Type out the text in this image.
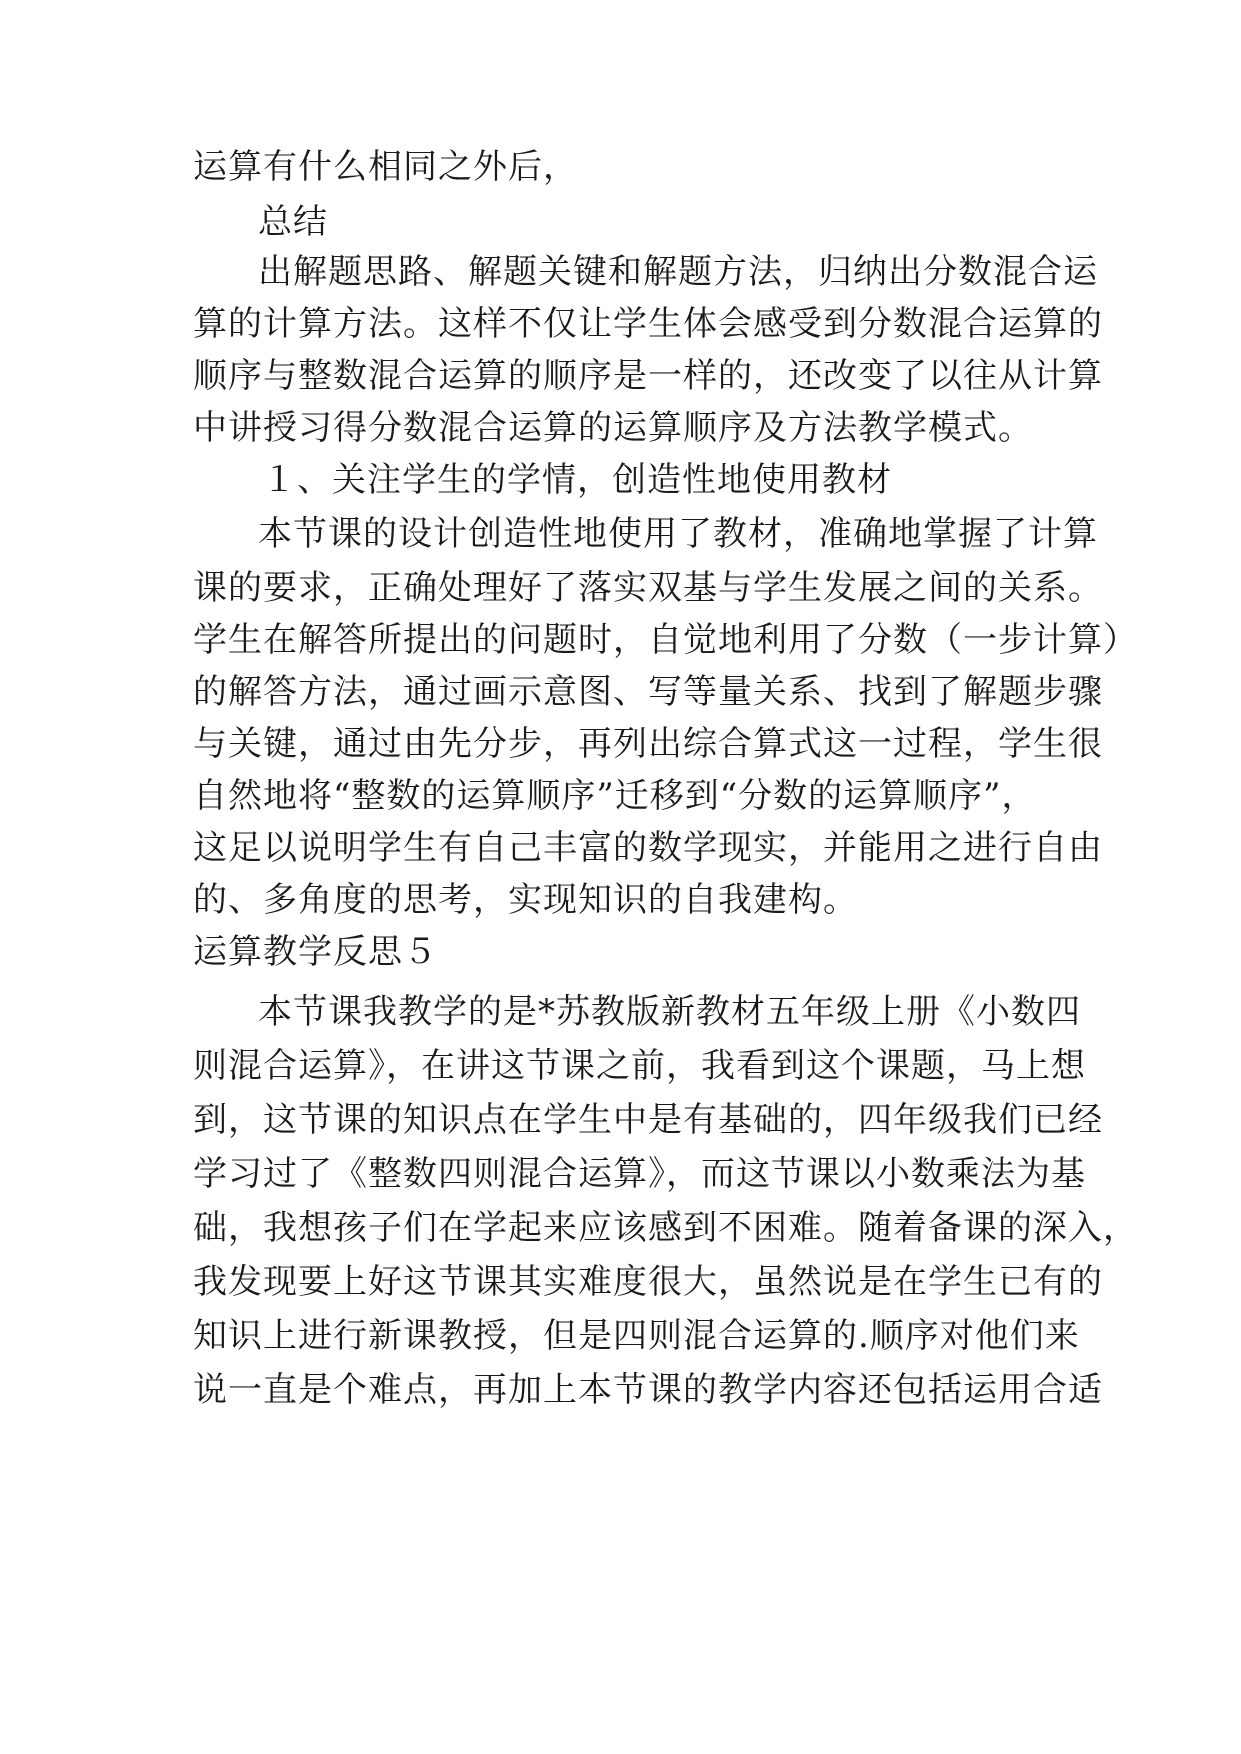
运算有什么相同之外后，

总结

出解题思路、解题关键和解题方法，归纳出分数混合运

算的计算方法。这样不仅让学生体会感受到分数混合运算的

顺序与整数混合运算的顺序是一样的，还改变了以往从计算

中讲授习得分数混合运算的运算顺序及方法教学模式。

１、关注学生的学情，创造性地使用教材

本节课的设计创造性地使用了教材，准确地掌握了计算

课的要求，正确处理好了落实双基与学生发展之间的关系。

学生在解答所提出的问题时，自觉地利用了分数（一步计算）

的解答方法，通过画示意图、写等量关系、找到了解题步骤

与关键，通过由先分步，再列出综合算式这一过程，学生很

自然地将“整数的运算顺序”迁移到“分数的运算顺序”，

这足以说明学生有自己丰富的数学现实，并能用之进行自由

的、多角度的思考，实现知识的自我建构。

运算教学反思５

本节课我教学的是*苏教版新教材五年级上册《小数四

则混合运算》，在讲这节课之前，我看到这个课题，马上想

到，这节课的知识点在学生中是有基础的，四年级我们已经

学习过了《整数四则混合运算》，而这节课以小数乘法为基

础，我想孩子们在学起来应该感到不困难。随着备课的深入，

我发现要上好这节课其实难度很大，虽然说是在学生已有的

知识上进行新课教授，但是四则混合运算的.顺序对他们来

说一直是个难点，再加上本节课的教学内容还包括运用合适
